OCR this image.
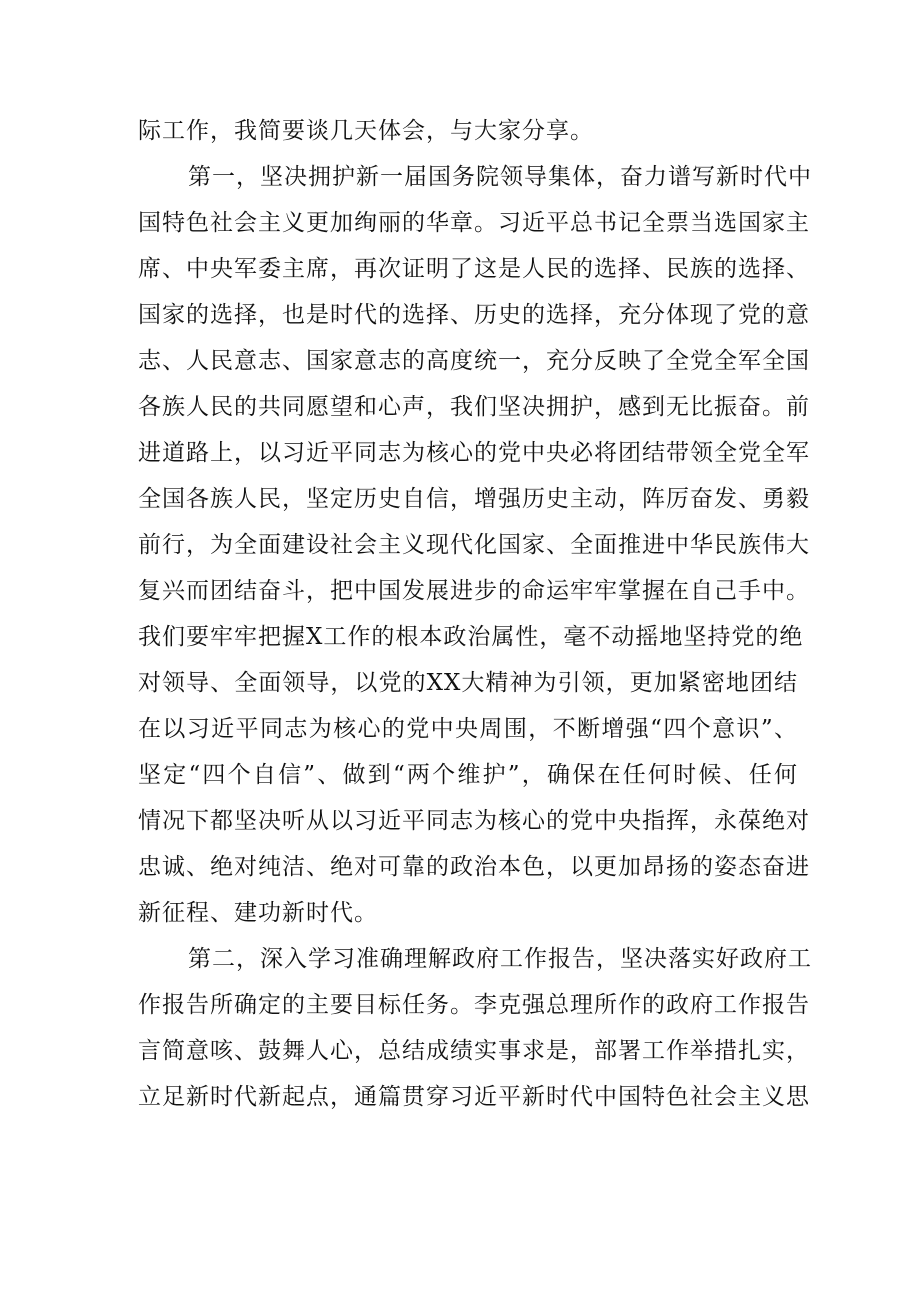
际工作，我简要谈几天体会，与大家分享。
第一，坚决拥护新一届国务院领导集体，奋力谱写新时代中
国特色社会主义更加绚丽的华章。习近平总书记全票当选国家主
席、中央军委主席，再次证明了这是人民的选择、民族的选择、
国家的选择，也是时代的选择、历史的选择，充分体现了党的意
志、人民意志、国家意志的高度统一，充分反映了全党全军全国
各族人民的共同愿望和心声，我们坚决拥护，感到无比振奋。前
进道路上，以习近平同志为核心的党中央必将团结带领全党全军
全国各族人民，坚定历史自信，增强历史主动，阵厉奋发、勇毅
前行，为全面建设社会主义现代化国家、全面推进中华民族伟大
复兴而团结奋斗，把中国发展进步的命运牢牢掌握在自己手中。
我们要牢牢把握X工作的根本政治属性，毫不动摇地坚持党的绝
对领导、全面领导，以党的XX大精神为引领，更加紧密地团结
在以习近平同志为核心的党中央周围，不断增强“四个意识”、
坚定“四个自信”、做到“两个维护”，确保在任何时候、任何
情况下都坚决听从以习近平同志为核心的党中央指挥，永葆绝对
忠诚、绝对纯洁、绝对可靠的政治本色，以更加昂扬的姿态奋进
新征程、建功新时代。
第二，深入学习准确理解政府工作报告，坚决落实好政府工
作报告所确定的主要目标任务。李克强总理所作的政府工作报告
言简意咳、鼓舞人心，总结成绩实事求是，部署工作举措扎实，
立足新时代新起点，通篇贯穿习近平新时代中国特色社会主义思
